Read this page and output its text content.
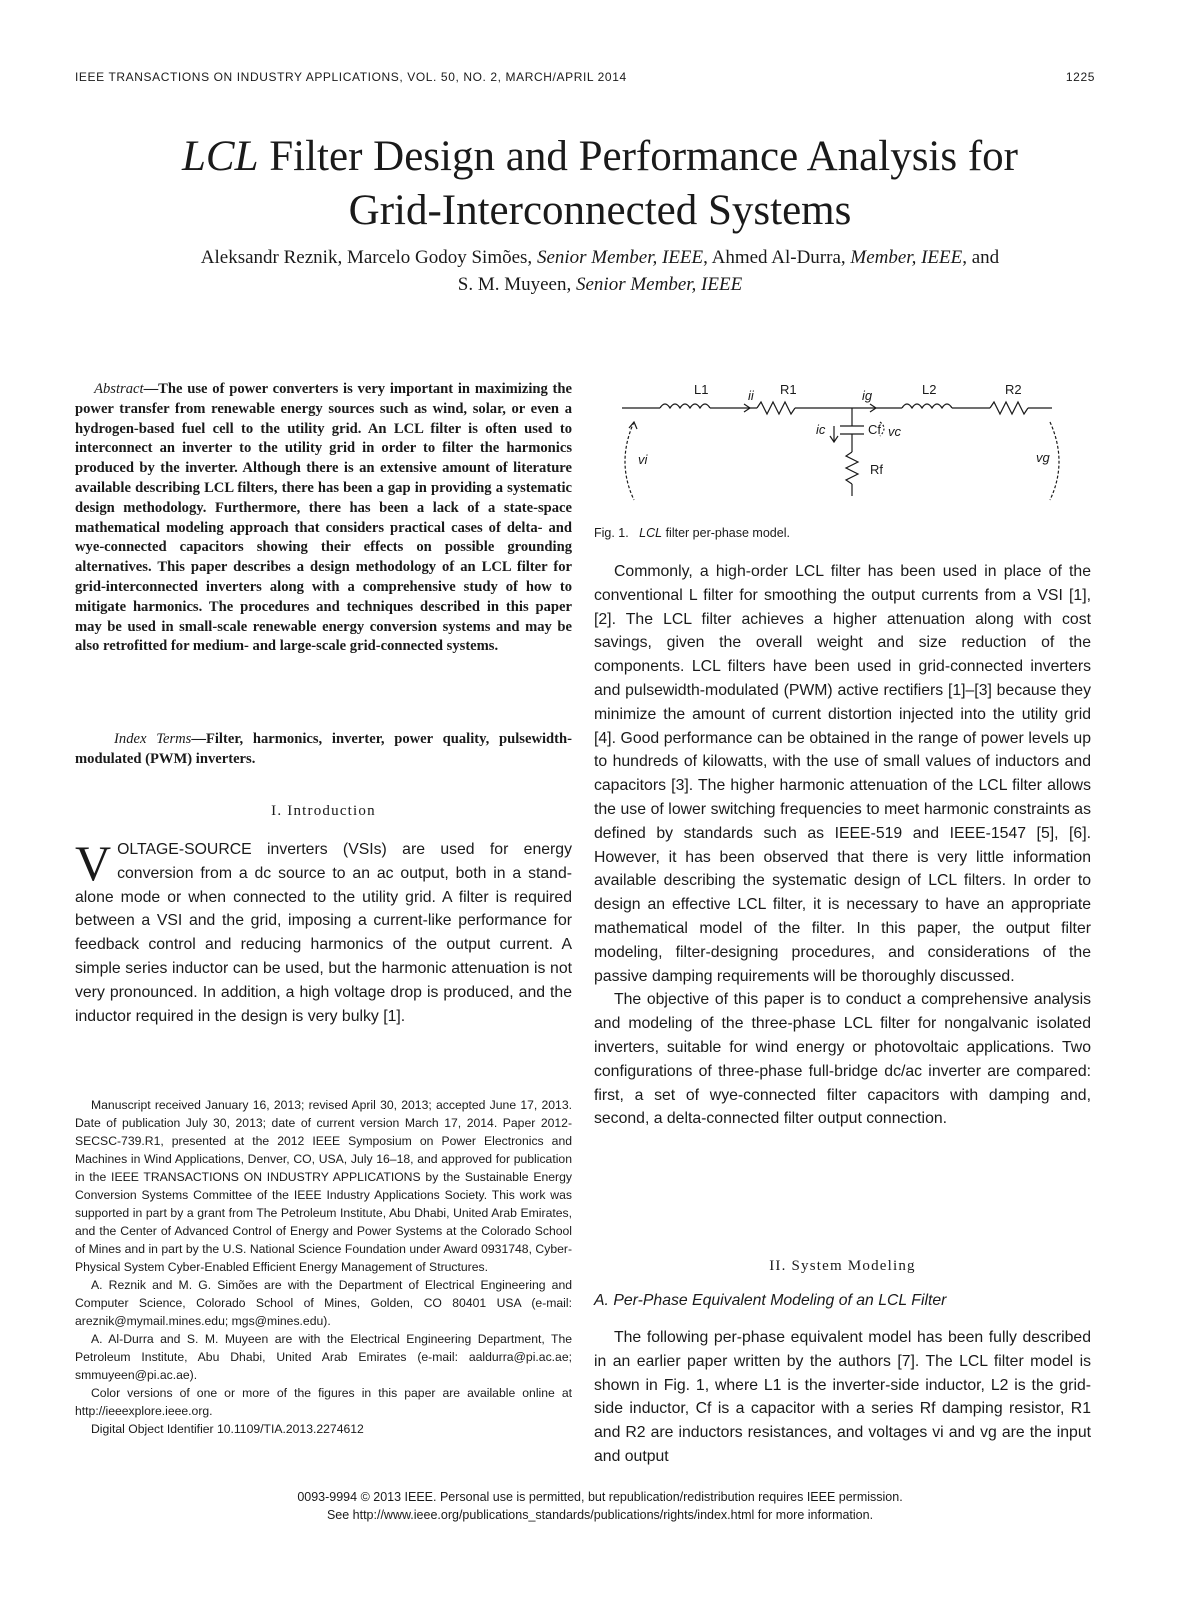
IEEE TRANSACTIONS ON INDUSTRY APPLICATIONS, VOL. 50, NO. 2, MARCH/APRIL 2014	1225
LCL Filter Design and Performance Analysis for
Grid-Interconnected Systems
Aleksandr Reznik, Marcelo Godoy Simões, Senior Member, IEEE, Ahmed Al-Durra, Member, IEEE, and
S. M. Muyeen, Senior Member, IEEE
Abstract—The use of power converters is very important in maximizing the power transfer from renewable energy sources such as wind, solar, or even a hydrogen-based fuel cell to the utility grid. An LCL filter is often used to interconnect an inverter to the utility grid in order to filter the harmonics produced by the inverter. Although there is an extensive amount of literature available describing LCL filters, there has been a gap in providing a systematic design methodology. Furthermore, there has been a lack of a state-space mathematical modeling approach that considers practical cases of delta- and wye-connected capacitors showing their effects on possible grounding alternatives. This paper describes a design methodology of an LCL filter for grid-interconnected inverters along with a comprehensive study of how to mitigate harmonics. The procedures and techniques described in this paper may be used in small-scale renewable energy conversion systems and may be also retrofitted for medium- and large-scale grid-connected systems.
Index Terms—Filter, harmonics, inverter, power quality, pulsewidth-modulated (PWM) inverters.
I. Introduction
VOLTAGE-SOURCE inverters (VSIs) are used for energy conversion from a dc source to an ac output, both in a stand-alone mode or when connected to the utility grid. A filter is required between a VSI and the grid, imposing a current-like performance for feedback control and reducing harmonics of the output current. A simple series inductor can be used, but the harmonic attenuation is not very pronounced. In addition, a high voltage drop is produced, and the inductor required in the design is very bulky [1].

Manuscript received January 16, 2013; revised April 30, 2013; accepted June 17, 2013. Date of publication July 30, 2013; date of current version March 17, 2014. Paper 2012-SECSC-739.R1, presented at the 2012 IEEE Symposium on Power Electronics and Machines in Wind Applications, Denver, CO, USA, July 16–18, and approved for publication in the IEEE TRANSACTIONS ON INDUSTRY APPLICATIONS by the Sustainable Energy Conversion Systems Committee of the IEEE Industry Applications Society. This work was supported in part by a grant from The Petroleum Institute, Abu Dhabi, United Arab Emirates, and the Center of Advanced Control of Energy and Power Systems at the Colorado School of Mines and in part by the U.S. National Science Foundation under Award 0931748, Cyber-Physical System Cyber-Enabled Efficient Energy Management of Structures.

A. Reznik and M. G. Simões are with the Department of Electrical Engineering and Computer Science, Colorado School of Mines, Golden, CO 80401 USA (e-mail: areznik@mymail.mines.edu; mgs@mines.edu).

A. Al-Durra and S. M. Muyeen are with the Electrical Engineering Department, The Petroleum Institute, Abu Dhabi, United Arab Emirates (e-mail: aaldurra@pi.ac.ae; smmuyeen@pi.ac.ae).

Color versions of one or more of the figures in this paper are available online at http://ieeexplore.ieee.org.

Digital Object Identifier 10.1109/TIA.2013.2274612

L1	ii R1	ig	L2	R2
ic	Cf vc
vi	vg
Rf
Fig. 1. LCL filter per-phase model.

Commonly, a high-order LCL filter has been used in place of the conventional L filter for smoothing the output currents from a VSI [1], [2]. The LCL filter achieves a higher attenuation along with cost savings, given the overall weight and size reduction of the components. LCL filters have been used in grid-connected inverters and pulsewidth-modulated (PWM) active rectifiers [1]–[3] because they minimize the amount of current distortion injected into the utility grid [4]. Good performance can be obtained in the range of power levels up to hundreds of kilowatts, with the use of small values of inductors and capacitors [3]. The higher harmonic attenuation of the LCL filter allows the use of lower switching frequencies to meet harmonic constraints as defined by standards such as IEEE-519 and IEEE-1547 [5], [6]. However, it has been observed that there is very little information available describing the systematic design of LCL filters. In order to design an effective LCL filter, it is necessary to have an appropriate mathematical model of the filter. In this paper, the output filter modeling, filter-designing procedures, and considerations of the passive damping requirements will be thoroughly discussed.

The objective of this paper is to conduct a comprehensive analysis and modeling of the three-phase LCL filter for nongalvanic isolated inverters, suitable for wind energy or photovoltaic applications. Two configurations of three-phase full-bridge dc/ac inverter are compared: first, a set of wye-connected filter capacitors with damping and, second, a delta-connected filter output connection.

II. System Modeling
A. Per-Phase Equivalent Modeling of an LCL Filter

The following per-phase equivalent model has been fully described in an earlier paper written by the authors [7]. The LCL filter model is shown in Fig. 1, where L1 is the inverter-side inductor, L2 is the grid-side inductor, Cf is a capacitor with a series Rf damping resistor, R1 and R2 are inductors resistances, and voltages vi and vg are the input and output

0093-9994 © 2013 IEEE. Personal use is permitted, but republication/redistribution requires IEEE permission.
See http://www.ieee.org/publications_standards/publications/rights/index.html for more information.
